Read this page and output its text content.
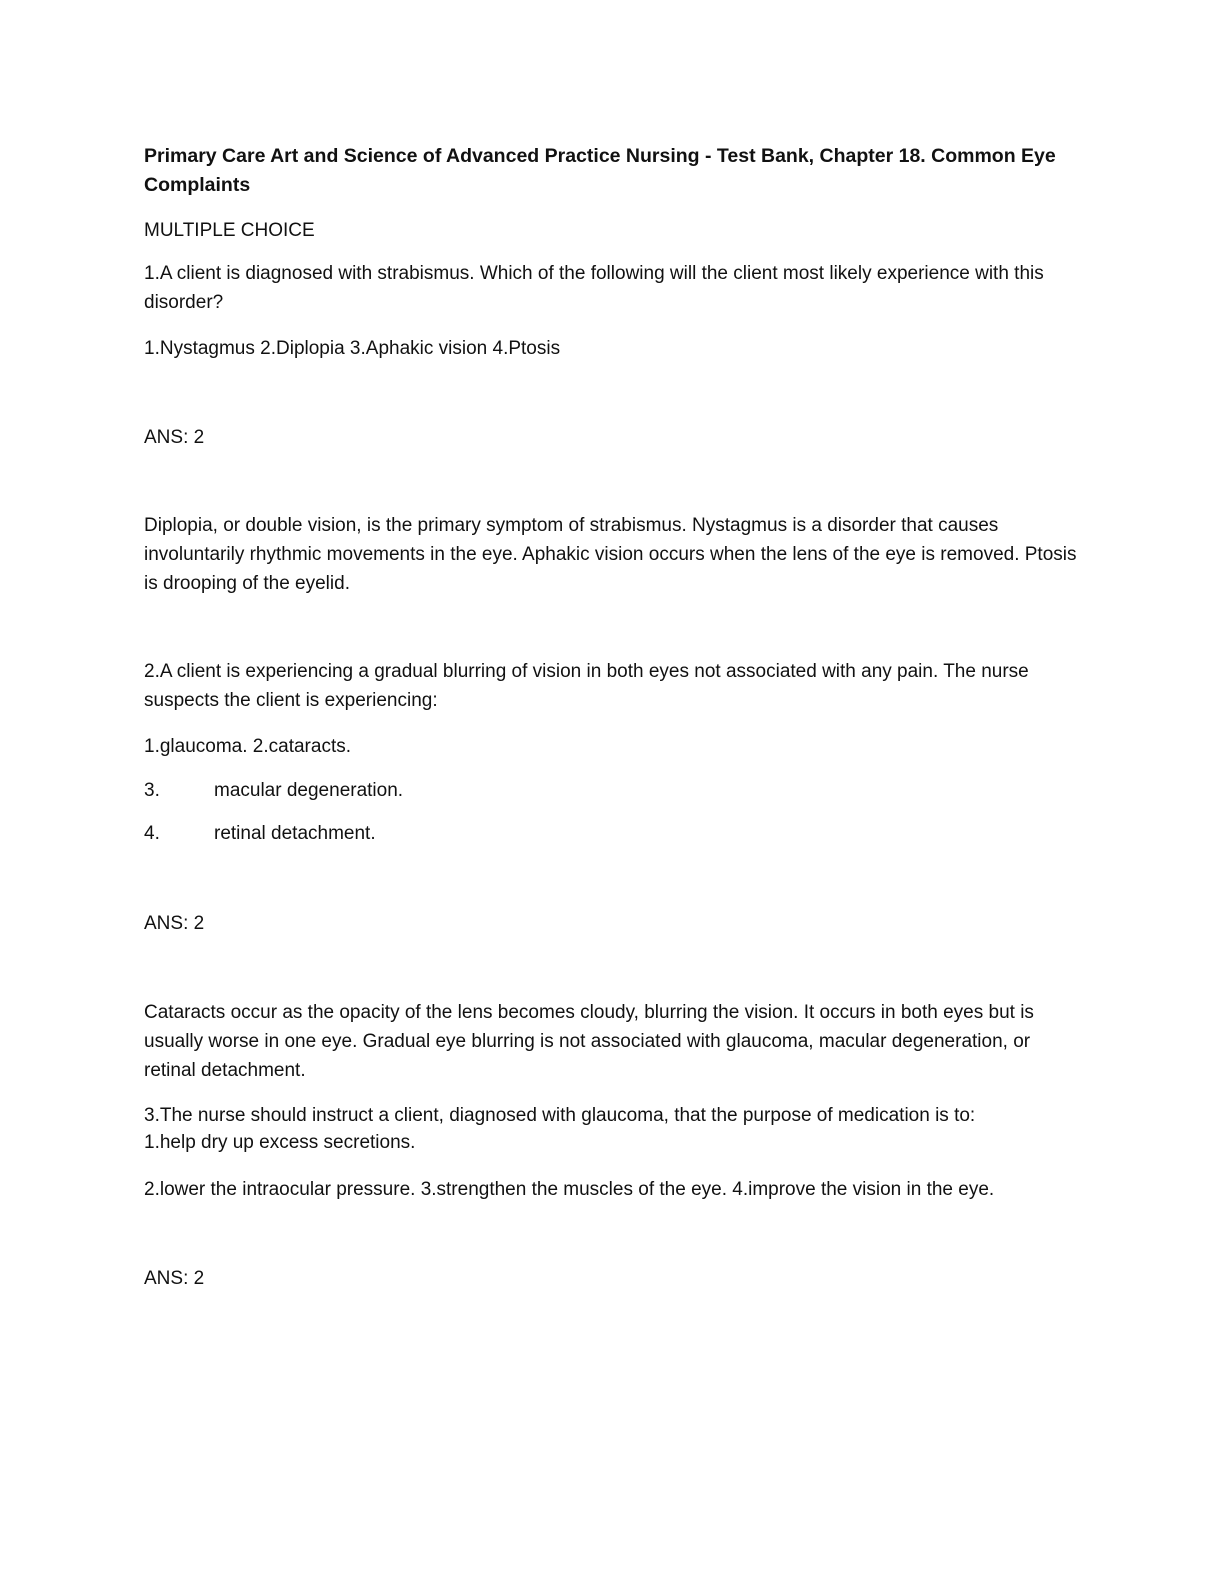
Primary Care Art and Science of Advanced Practice Nursing - Test Bank, Chapter 18. Common Eye Complaints

MULTIPLE CHOICE

1.A client is diagnosed with strabismus. Which of the following will the client most likely experience with this disorder?

1.Nystagmus 2.Diplopia 3.Aphakic vision 4.Ptosis

ANS: 2

Diplopia, or double vision, is the primary symptom of strabismus. Nystagmus is a disorder that causes involuntarily rhythmic movements in the eye. Aphakic vision occurs when the lens of the eye is removed. Ptosis is drooping of the eyelid.

2.A client is experiencing a gradual blurring of vision in both eyes not associated with any pain. The nurse suspects the client is experiencing:

1.glaucoma. 2.cataracts.

3.	macular degeneration.
4.	retinal detachment.

ANS: 2

Cataracts occur as the opacity of the lens becomes cloudy, blurring the vision. It occurs in both eyes but is usually worse in one eye. Gradual eye blurring is not associated with glaucoma, macular degeneration, or retinal detachment.

3.The nurse should instruct a client, diagnosed with glaucoma, that the purpose of medication is to:

1.help dry up excess secretions.

2.lower the intraocular pressure. 3.strengthen the muscles of the eye. 4.improve the vision in the eye.

ANS: 2
